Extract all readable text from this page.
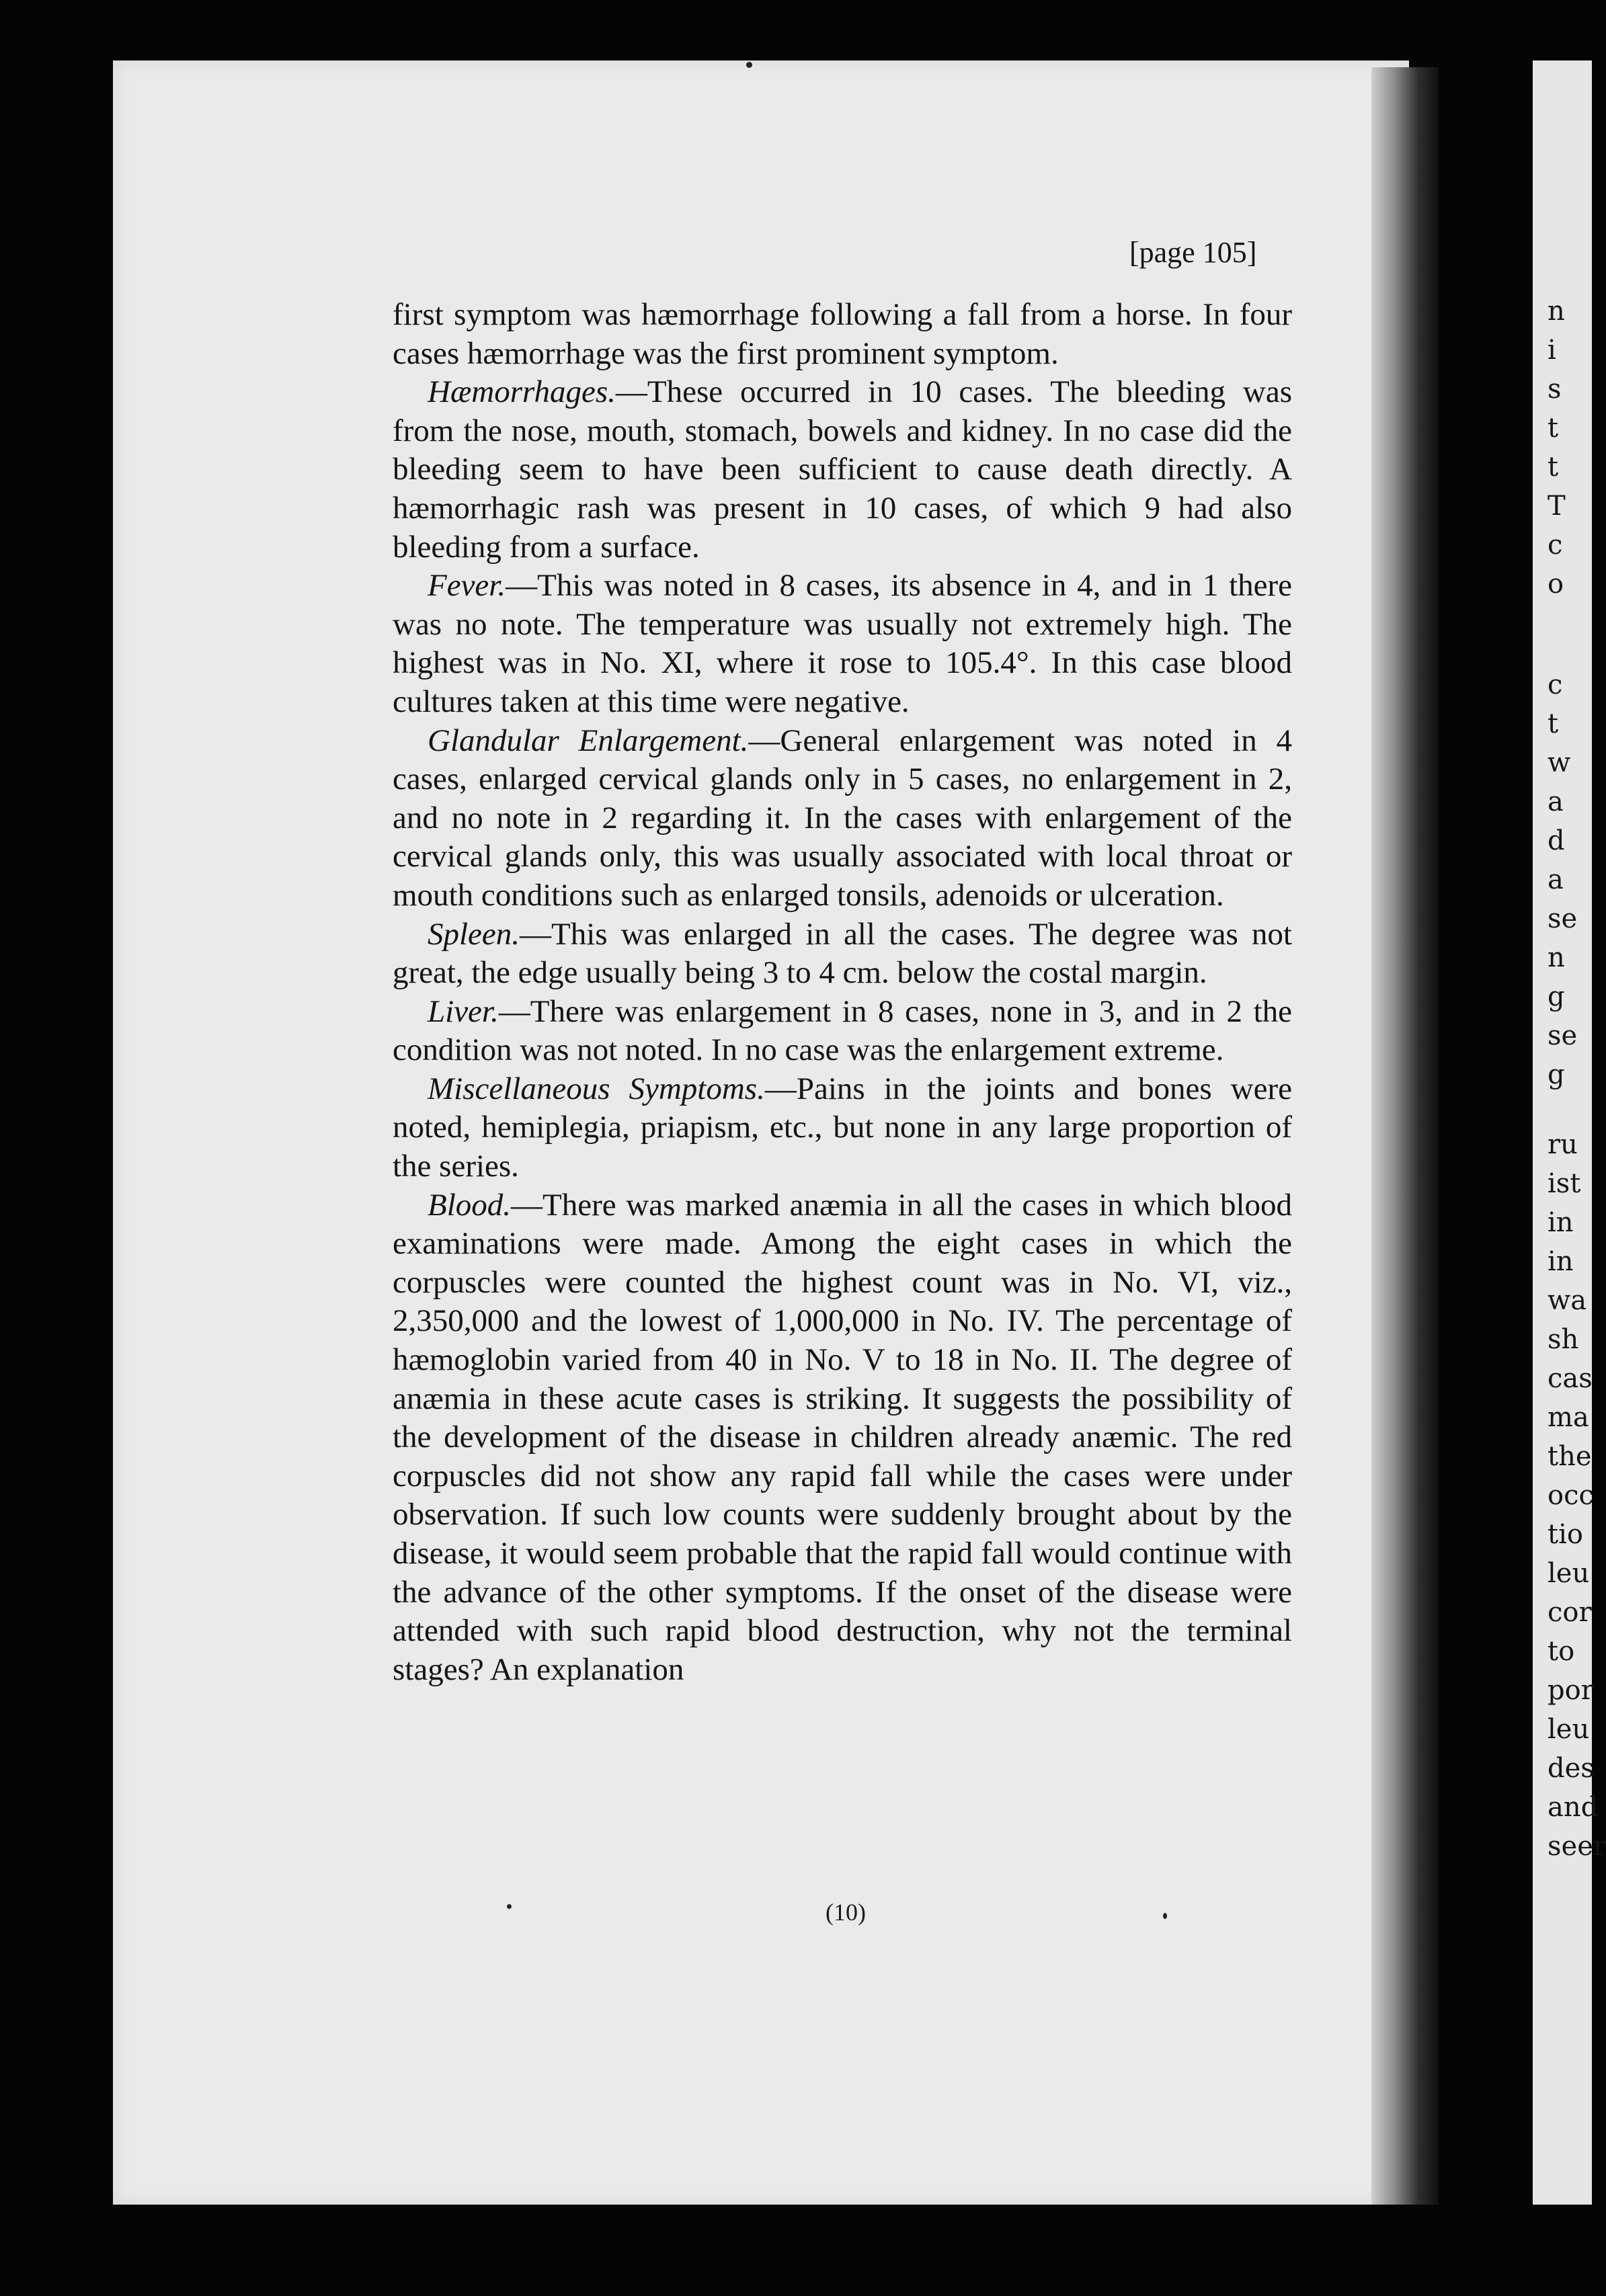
n
i
s
t
t
T
c
o
c
t
w
a
d
a
se
n
g
se
g
ru
ist
in
in
wa
sh
cas
ma
the
occ
tio
leu
cor
to
por
leu
des
and
seer
[page 105]

first symptom was hæmorrhage following a fall from a horse. In four cases hæmorrhage was the first prominent symptom.

Hæmorrhages.—These occurred in 10 cases. The bleeding was from the nose, mouth, stomach, bowels and kidney. In no case did the bleeding seem to have been sufficient to cause death directly. A hæmorrhagic rash was present in 10 cases, of which 9 had also bleeding from a surface.

Fever.—This was noted in 8 cases, its absence in 4, and in 1 there was no note. The temperature was usually not extremely high. The highest was in No. XI, where it rose to 105.4°. In this case blood cultures taken at this time were negative.

Glandular Enlargement.—General enlargement was noted in 4 cases, enlarged cervical glands only in 5 cases, no enlargement in 2, and no note in 2 regarding it. In the cases with enlargement of the cervical glands only, this was usually associated with local throat or mouth conditions such as enlarged tonsils, adenoids or ulceration.

Spleen.—This was enlarged in all the cases. The degree was not great, the edge usually being 3 to 4 cm. below the costal margin.

Liver.—There was enlargement in 8 cases, none in 3, and in 2 the condition was not noted. In no case was the enlargement extreme.

Miscellaneous Symptoms.—Pains in the joints and bones were noted, hemiplegia, priapism, etc., but none in any large proportion of the series.

Blood.—There was marked anæmia in all the cases in which blood examinations were made. Among the eight cases in which the corpuscles were counted the highest count was in No. VI, viz., 2,350,000 and the lowest of 1,000,000 in No. IV. The percentage of hæmoglobin varied from 40 in No. V to 18 in No. II. The degree of anæmia in these acute cases is striking. It suggests the possibility of the development of the disease in children already anæmic. The red corpuscles did not show any rapid fall while the cases were under observation. If such low counts were suddenly brought about by the disease, it would seem probable that the rapid fall would continue with the advance of the other symptoms. If the onset of the disease were attended with such rapid blood destruction, why not the terminal stages? An explanation

(10)
